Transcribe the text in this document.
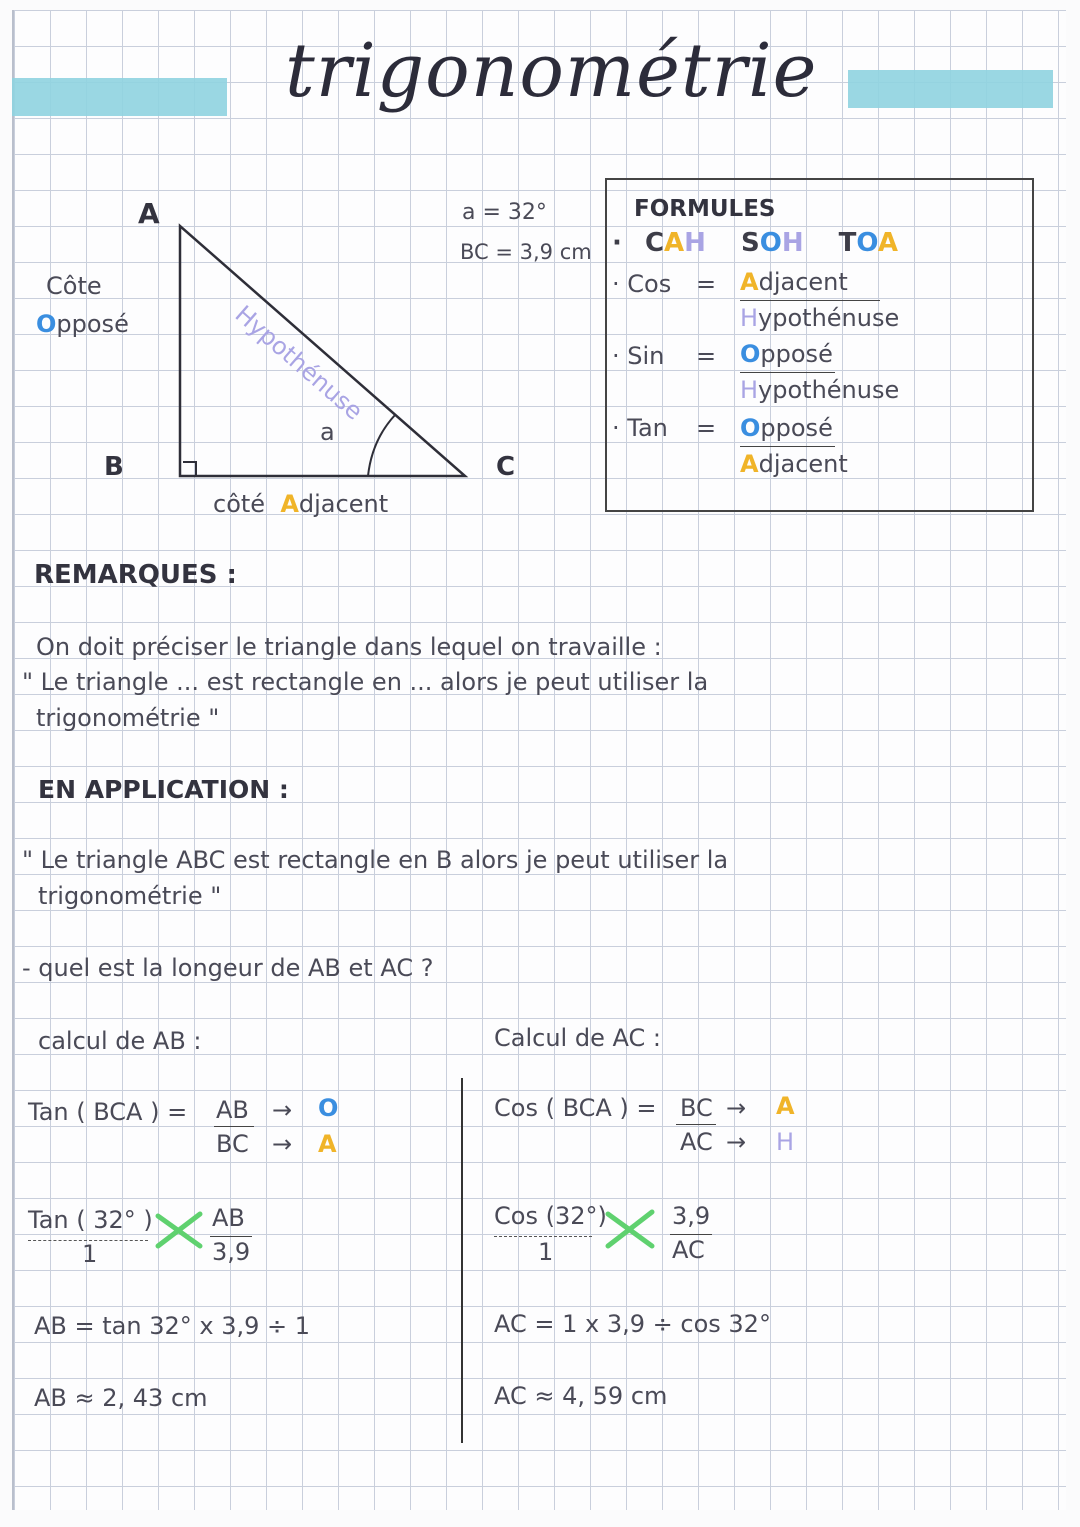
trigonométrie
A
B	C
Hypothénuse
a
Côte
Opposé
côté Adjacent
a = 32°
BC = 3,9 cm
FORMULES
· CAH SOH TOA
· Cos = Adjacent
Hypothénuse
· Sin = Opposé
Hypothénuse
· Tan = Opposé
Adjacent
REMARQUES :
On doit préciser le triangle dans lequel on travaille :
" Le triangle ... est rectangle en ... alors je peut utiliser la
trigonométrie "
EN APPLICATION :
" Le triangle ABC est rectangle en B alors je peut utiliser la
trigonométrie "
- quel est la longeur de AB et AC ?
calcul de AB :
Tan ( BCA ) = AB
BC
→
→
O
A
Tan ( 32° )
1
AB
3,9
AB = tan 32° x 3,9 ÷ 1
AB ≈ 2, 43 cm
Calcul de AC :
Cos ( BCA ) = BC
AC
→
→
A
H
Cos (32°)
1
3,9
AC
AC = 1 x 3,9 ÷ cos 32°
AC ≈ 4, 59 cm
